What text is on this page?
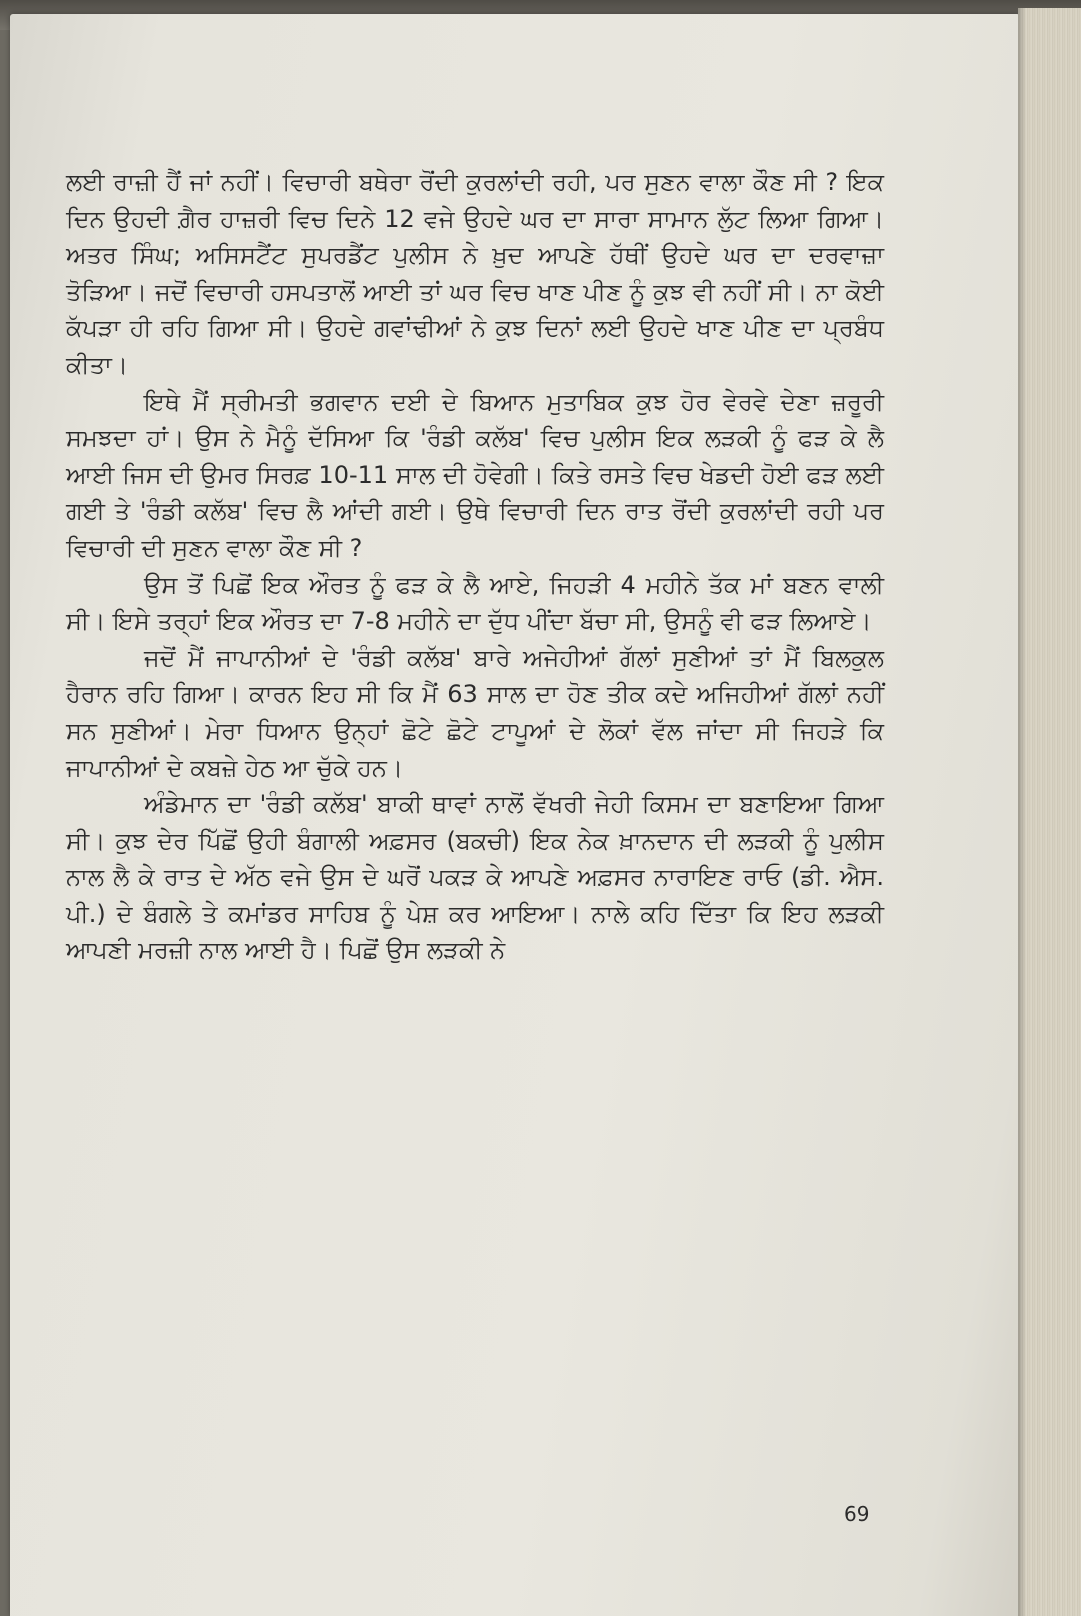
ਲਈ ਰਾਜ਼ੀ ਹੈਂ ਜਾਂ ਨਹੀਂ। ਵਿਚਾਰੀ ਬਥੇਰਾ ਰੋਂਦੀ ਕੁਰਲਾਂਦੀ ਰਹੀ, ਪਰ ਸੁਣਨ ਵਾਲਾ ਕੌਣ ਸੀ ? ਇਕ ਦਿਨ ਉਹਦੀ ਗ਼ੈਰ ਹਾਜ਼ਰੀ ਵਿਚ ਦਿਨੇ 12 ਵਜੇ ਉਹਦੇ ਘਰ ਦਾ ਸਾਰਾ ਸਾਮਾਨ ਲੁੱਟ ਲਿਆ ਗਿਆ। ਅਤਰ ਸਿੰਘ; ਅਸਿਸਟੈਂਟ ਸੁਪਰਡੈਂਟ ਪੁਲੀਸ ਨੇ ਖ਼ੁਦ ਆਪਣੇ ਹੱਥੀਂ ਉਹਦੇ ਘਰ ਦਾ ਦਰਵਾਜ਼ਾ ਤੋੜਿਆ। ਜਦੋਂ ਵਿਚਾਰੀ ਹਸਪਤਾਲੋਂ ਆਈ ਤਾਂ ਘਰ ਵਿਚ ਖਾਣ ਪੀਣ ਨੂੰ ਕੁਝ ਵੀ ਨਹੀਂ ਸੀ। ਨਾ ਕੋਈ ਕੱਪੜਾ ਹੀ ਰਹਿ ਗਿਆ ਸੀ। ਉਹਦੇ ਗਵਾਂਢੀਆਂ ਨੇ ਕੁਝ ਦਿਨਾਂ ਲਈ ਉਹਦੇ ਖਾਣ ਪੀਣ ਦਾ ਪ੍ਰਬੰਧ ਕੀਤਾ।

ਇਥੇ ਮੈਂ ਸ੍ਰੀਮਤੀ ਭਗਵਾਨ ਦਈ ਦੇ ਬਿਆਨ ਮੁਤਾਬਿਕ ਕੁਝ ਹੋਰ ਵੇਰਵੇ ਦੇਣਾ ਜ਼ਰੂਰੀ ਸਮਝਦਾ ਹਾਂ। ਉਸ ਨੇ ਮੈਨੂੰ ਦੱਸਿਆ ਕਿ 'ਰੰਡੀ ਕਲੱਬ' ਵਿਚ ਪੁਲੀਸ ਇਕ ਲੜਕੀ ਨੂੰ ਫੜ ਕੇ ਲੈ ਆਈ ਜਿਸ ਦੀ ਉਮਰ ਸਿਰਫ਼ 10-11 ਸਾਲ ਦੀ ਹੋਵੇਗੀ। ਕਿਤੇ ਰਸਤੇ ਵਿਚ ਖੇਡਦੀ ਹੋਈ ਫੜ ਲਈ ਗਈ ਤੇ 'ਰੰਡੀ ਕਲੱਬ' ਵਿਚ ਲੈ ਆਂਦੀ ਗਈ। ਉਥੇ ਵਿਚਾਰੀ ਦਿਨ ਰਾਤ ਰੋਂਦੀ ਕੁਰਲਾਂਦੀ ਰਹੀ ਪਰ ਵਿਚਾਰੀ ਦੀ ਸੁਣਨ ਵਾਲਾ ਕੌਣ ਸੀ ?

ਉਸ ਤੋਂ ਪਿਛੋਂ ਇਕ ਔਰਤ ਨੂੰ ਫੜ ਕੇ ਲੈ ਆਏ, ਜਿਹੜੀ 4 ਮਹੀਨੇ ਤੱਕ ਮਾਂ ਬਣਨ ਵਾਲੀ ਸੀ। ਇਸੇ ਤਰ੍ਹਾਂ ਇਕ ਔਰਤ ਦਾ 7-8 ਮਹੀਨੇ ਦਾ ਦੁੱਧ ਪੀਂਦਾ ਬੱਚਾ ਸੀ, ਉਸਨੂੰ ਵੀ ਫੜ ਲਿਆਏ।

ਜਦੋਂ ਮੈਂ ਜਾਪਾਨੀਆਂ ਦੇ 'ਰੰਡੀ ਕਲੱਬ' ਬਾਰੇ ਅਜੇਹੀਆਂ ਗੱਲਾਂ ਸੁਣੀਆਂ ਤਾਂ ਮੈਂ ਬਿਲਕੁਲ ਹੈਰਾਨ ਰਹਿ ਗਿਆ। ਕਾਰਨ ਇਹ ਸੀ ਕਿ ਮੈਂ 63 ਸਾਲ ਦਾ ਹੋਣ ਤੀਕ ਕਦੇ ਅਜਿਹੀਆਂ ਗੱਲਾਂ ਨਹੀਂ ਸਨ ਸੁਣੀਆਂ। ਮੇਰਾ ਧਿਆਨ ਉਨ੍ਹਾਂ ਛੋਟੇ ਛੋਟੇ ਟਾਪੂਆਂ ਦੇ ਲੋਕਾਂ ਵੱਲ ਜਾਂਦਾ ਸੀ ਜਿਹੜੇ ਕਿ ਜਾਪਾਨੀਆਂ ਦੇ ਕਬਜ਼ੇ ਹੇਠ ਆ ਚੁੱਕੇ ਹਨ।

ਅੰਡੇਮਾਨ ਦਾ 'ਰੰਡੀ ਕਲੱਬ' ਬਾਕੀ ਥਾਵਾਂ ਨਾਲੋਂ ਵੱਖਰੀ ਜੇਹੀ ਕਿਸਮ ਦਾ ਬਣਾਇਆ ਗਿਆ ਸੀ। ਕੁਝ ਦੇਰ ਪਿੱਛੋਂ ਉਹੀ ਬੰਗਾਲੀ ਅਫ਼ਸਰ (ਬਕਚੀ) ਇਕ ਨੇਕ ਖ਼ਾਨਦਾਨ ਦੀ ਲੜਕੀ ਨੂੰ ਪੁਲੀਸ ਨਾਲ ਲੈ ਕੇ ਰਾਤ ਦੇ ਅੱਠ ਵਜੇ ਉਸ ਦੇ ਘਰੋਂ ਪਕੜ ਕੇ ਆਪਣੇ ਅਫ਼ਸਰ ਨਾਰਾਇਣ ਰਾਓ (ਡੀ. ਐਸ. ਪੀ.) ਦੇ ਬੰਗਲੇ ਤੇ ਕਮਾਂਡਰ ਸਾਹਿਬ ਨੂੰ ਪੇਸ਼ ਕਰ ਆਇਆ। ਨਾਲੇ ਕਹਿ ਦਿੱਤਾ ਕਿ ਇਹ ਲੜਕੀ ਆਪਣੀ ਮਰਜ਼ੀ ਨਾਲ ਆਈ ਹੈ। ਪਿਛੋਂ ਉਸ ਲੜਕੀ ਨੇ

69
